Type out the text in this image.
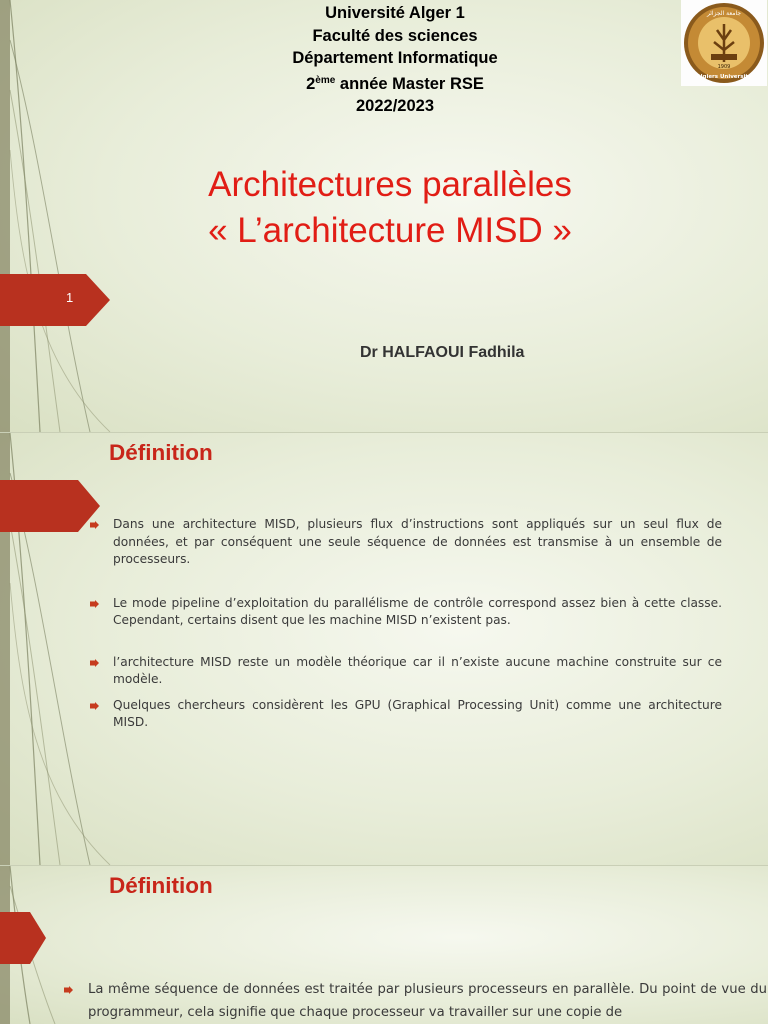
Université Alger 1
Faculté des sciences
Département Informatique
2ème année Master RSE
2022/2023
1909
جامعة الجزائر
Algiers University
Architectures parallèles
« L’architecture MISD »
1
Dr HALFAOUI Fadhila
Définition
Dans une architecture MISD, plusieurs flux d’instructions sont appliqués sur un seul flux de données, et par conséquent une seule séquence de données est transmise à un ensemble de processeurs.
Le mode pipeline d’exploitation du parallélisme de contrôle correspond assez bien à cette classe. Cependant, certains disent que les machine MISD n’existent pas.
l’architecture MISD reste un modèle théorique car il n’existe aucune machine construite sur ce modèle.
Quelques chercheurs considèrent les GPU (Graphical Processing Unit) comme une architecture MISD.
Définition
La même séquence de données est traitée par plusieurs processeurs en parallèle. Du point de vue du programmeur, cela signifie que chaque processeur va travailler sur une copie de
